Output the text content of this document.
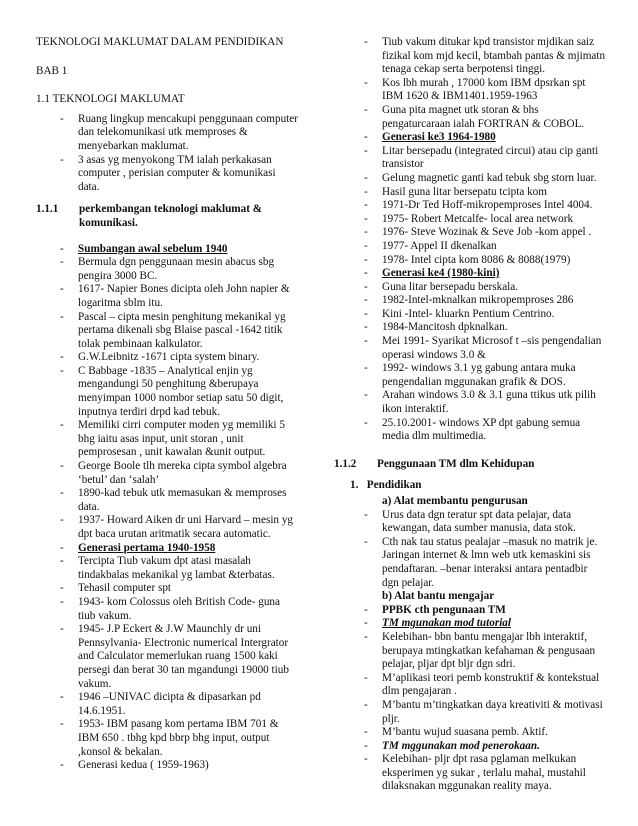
TEKNOLOGI MAKLUMAT DALAM PENDIDIKAN

BAB 1

1.1 TEKNOLOGI MAKLUMAT

- Ruang lingkup mencakupi penggunaan computer dan telekomunikasi utk memproses & menyebarkan maklumat.
- 3 asas yg menyokong TM ialah perkakasan computer , perisian computer & komunikasi data.
1.1.1	perkembangan teknologi maklumat & komunikasi.
- Sumbangan awal sebelum 1940
- Bermula dgn penggunaan mesin abacus sbg pengira 3000 BC.
- 1617- Napier Bones dicipta oleh John napier & logaritma sblm itu.
- Pascal – cipta mesin penghitung mekanikal yg pertama dikenali sbg Blaise pascal -1642 titik tolak pembinaan kalkulator.
- G.W.Leibnitz -1671 cipta system binary.
- C Babbage -1835 – Analytical enjin yg mengandungi 50 penghitung &berupaya menyimpan 1000 nombor setiap satu 50 digit, inputnya terdiri drpd kad tebuk.
- Memiliki cirri computer moden yg memiliki 5 bhg iaitu asas input, unit storan , unit pemprosesan , unit kawalan &unit output.
- George Boole tlh mereka cipta symbol algebra ‘betul’ dan ‘salah’
- 1890-kad tebuk utk memasukan & memproses data.
- 1937- Howard Aiken dr uni Harvard – mesin yg dpt baca urutan aritmatik secara automatic.
- Generasi pertama 1940-1958
- Tercipta Tiub vakum dpt atasi masalah tindakbalas mekanikal yg lambat &terbatas.
- Tehasil computer spt
- 1943- kom Colossus oleh British Code- guna tiub vakum.
- 1945- J.P Eckert & J.W Maunchly dr uni Pennsylvania- Electronic numerical Intergrator and Calculator memerlukan ruang 1500 kaki persegi dan berat 30 tan mgandungi 19000 tiub vakum.
- 1946 –UNIVAC dicipta & dipasarkan pd 14.6.1951.
- 1953- IBM pasang kom pertama IBM 701 & IBM 650 . tbhg kpd bbrp bhg input, output ,konsol & bekalan.
- Generasi kedua ( 1959-1963)
- Tiub vakum ditukar kpd transistor mjdikan saiz fizikal kom mjd kecil, btambah pantas & mjimatn tenaga cekap serta berpotensi tinggi.
- Kos lbh murah , 17000 kom IBM dpsrkan spt IBM 1620 & IBM1401.1959-1963
- Guna pita magnet utk storan & bhs pengaturcaraan ialah FORTRAN & COBOL.
- Generasi ke3 1964-1980
- Litar bersepadu (integrated circui) atau cip ganti transistor
- Gelung magnetic ganti kad tebuk sbg storn luar.
- Hasil guna litar bersepatu tcipta kom
- 1971-Dr Ted Hoff-mikropemproses Intel 4004.
- 1975- Robert Metcalfe- local area network
- 1976- Steve Wozinak & Seve Job -kom appel .
- 1977- Appel II dkenalkan
- 1978- Intel cipta kom 8086 & 8088(1979)
- Generasi ke4 (1980-kini)
- Guna litar bersepadu berskala.
- 1982-Intel-mknalkan mikropemproses 286
- Kini -Intel- kluarkn Pentium Centrino.
- 1984-Mancitosh dpknalkan.
- Mei 1991- Syarikat Microsof t –sis pengendalian operasi windows 3.0 &
- 1992- windows 3.1 yg gabung antara muka pengendalian mggunakan grafik & DOS.
- Arahan windows 3.0 & 3.1 guna ttikus utk pilih ikon interaktif.
- 25.10.2001- windows XP dpt gabung semua media dlm multimedia.
1.1.2	Penggunaan TM dlm Kehidupan
1. Pendidikan
a) Alat membantu pengurusan
- Urus data dgn teratur spt data pelajar, data kewangan, data sumber manusia, data stok.
- Cth nak tau status pealajar –masuk no matrik je. Jaringan internet & lmn web utk kemaskini sis pendaftaran. –benar interaksi antara pentadbir dgn pelajar.
b) Alat bantu mengajar
- PPBK cth pengunaan TM
- TM mgunakan mod tutorial
- Kelebihan- bbn bantu mengajar lbh interaktif, berupaya mtingkatkan kefahaman & pengusaan pelajar, pljar dpt bljr dgn sdri.
- M’aplikasi teori pemb konstruktif & kontekstual dlm pengajaran .
- M’bantu m’tingkatkan daya kreativiti & motivasi pljr.
- M’bantu wujud suasana pemb. Aktif.
- TM mggunakan mod penerokaan.
- Kelebihan- pljr dpt rasa pglaman melkukan eksperimen yg sukar , terlalu mahal, mustahil dilaksnakan mggunakan reality maya.
